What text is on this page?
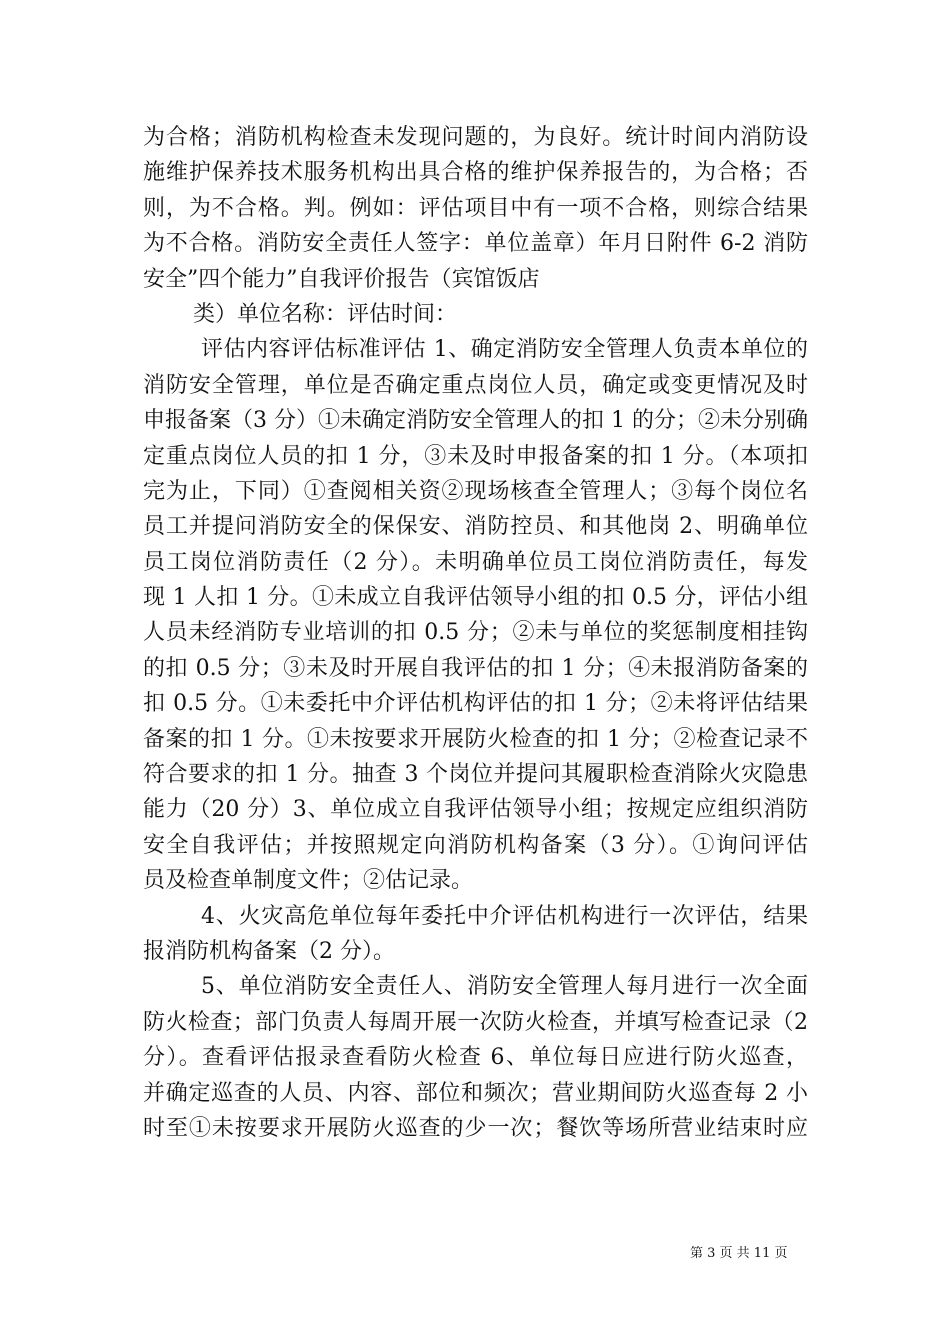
为合格；消防机构检查未发现问题的，为良好。统计时间内消防设
施维护保养技术服务机构出具合格的维护保养报告的，为合格；否
则，为不合格。判。例如：评估项目中有一项不合格，则综合结果
为不合格。消防安全责任人签字：单位盖章）年月日附件 6-2 消防
安全”四个能力”自我评价报告（宾馆饭店
类）单位名称：评估时间：
评估内容评估标准评估 1、确定消防安全管理人负责本单位的
消防安全管理，单位是否确定重点岗位人员，确定或变更情况及时
申报备案（3 分）①未确定消防安全管理人的扣 1 的分；②未分别确
定重点岗位人员的扣 1 分，③未及时申报备案的扣 1 分。（本项扣
完为止，下同）①查阅相关资②现场核查全管理人；③每个岗位名
员工并提问消防安全的保保安、消防控员、和其他岗 2、明确单位
员工岗位消防责任（2 分）。未明确单位员工岗位消防责任，每发
现 1 人扣 1 分。①未成立自我评估领导小组的扣 0.5 分，评估小组
人员未经消防专业培训的扣 0.5 分；②未与单位的奖惩制度相挂钩
的扣 0.5 分；③未及时开展自我评估的扣 1 分；④未报消防备案的
扣 0.5 分。①未委托中介评估机构评估的扣 1 分；②未将评估结果
备案的扣 1 分。①未按要求开展防火检查的扣 1 分；②检查记录不
符合要求的扣 1 分。抽查 3 个岗位并提问其履职检查消除火灾隐患
能力（20 分）3、单位成立自我评估领导小组；按规定应组织消防
安全自我评估；并按照规定向消防机构备案（3 分）。①询问评估
员及检查单制度文件；②估记录。
4、火灾高危单位每年委托中介评估机构进行一次评估，结果
报消防机构备案（2 分）。
5、单位消防安全责任人、消防安全管理人每月进行一次全面
防火检查；部门负责人每周开展一次防火检查，并填写检查记录（2
分）。查看评估报录查看防火检查 6、单位每日应进行防火巡查，
并确定巡查的人员、内容、部位和频次；营业期间防火巡查每 2 小
时至①未按要求开展防火巡查的少一次；餐饮等场所营业结束时应
第 3 页 共 11 页
